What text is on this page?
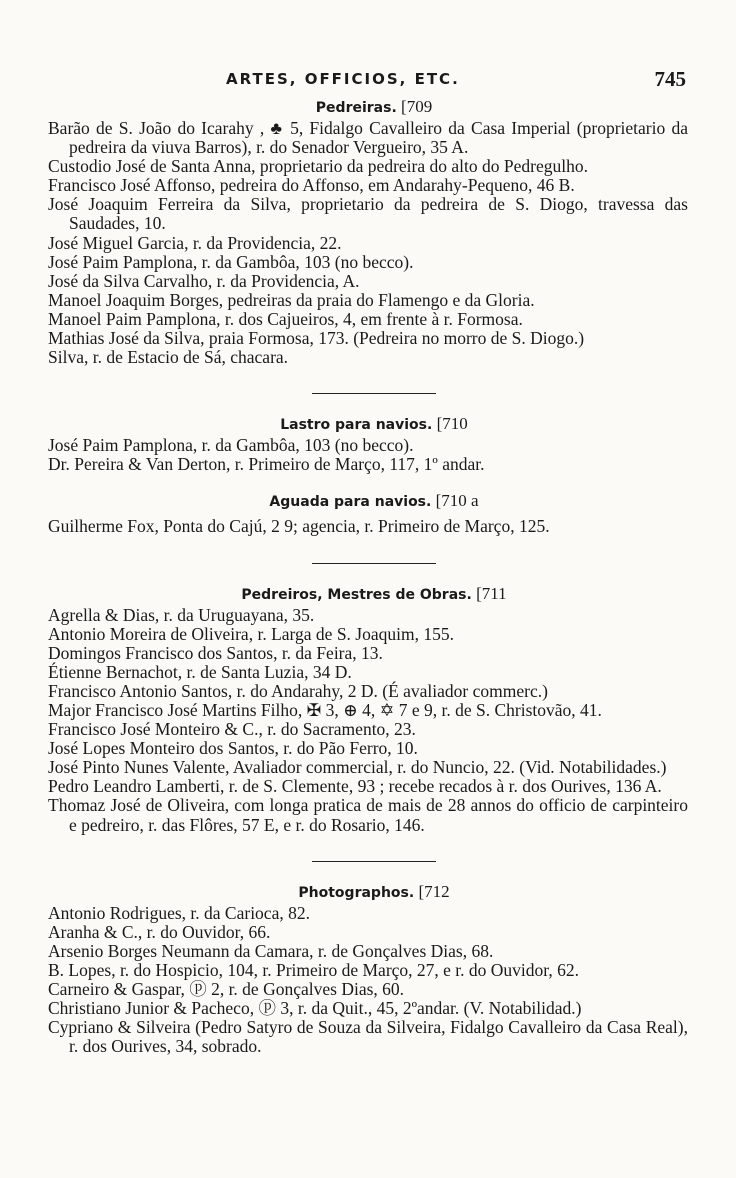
ARTES, OFFICIOS, ETC.	745
Pedreiras. [709
Barão de S. João do Icarahy , ♣ 5, Fidalgo Cavalleiro da Casa Imperial (proprietario da pedreira da viuva Barros), r. do Senador Vergueiro, 35 A.
Custodio José de Santa Anna, proprietario da pedreira do alto do Pedregulho.
Francisco José Affonso, pedreira do Affonso, em Andarahy-Pequeno, 46 B.
José Joaquim Ferreira da Silva, proprietario da pedreira de S. Diogo, travessa das Saudades, 10.
José Miguel Garcia, r. da Providencia, 22.
José Paim Pamplona, r. da Gambôa, 103 (no becco).
José da Silva Carvalho, r. da Providencia, A.
Manoel Joaquim Borges, pedreiras da praia do Flamengo e da Gloria.
Manoel Paim Pamplona, r. dos Cajueiros, 4, em frente à r. Formosa.
Mathias José da Silva, praia Formosa, 173. (Pedreira no morro de S. Diogo.)
Silva, r. de Estacio de Sá, chacara.
Lastro para navios. [710
José Paim Pamplona, r. da Gambôa, 103 (no becco).
Dr. Pereira & Van Derton, r. Primeiro de Março, 117, 1º andar.
Aguada para navios. [710 a
Guilherme Fox, Ponta do Cajú, 2 9; agencia, r. Primeiro de Março, 125.
Pedreiros, Mestres de Obras. [711
Agrella & Dias, r. da Uruguayana, 35.
Antonio Moreira de Oliveira, r. Larga de S. Joaquim, 155.
Domingos Francisco dos Santos, r. da Feira, 13.
Étienne Bernachot, r. de Santa Luzia, 34 D.
Francisco Antonio Santos, r. do Andarahy, 2 D. (É avaliador commerc.)
Major Francisco José Martins Filho, ✠ 3, ⊕ 4, ✡ 7 e 9, r. de S. Christovão, 41.
Francisco José Monteiro & C., r. do Sacramento, 23.
José Lopes Monteiro dos Santos, r. do Pão Ferro, 10.
José Pinto Nunes Valente, Avaliador commercial, r. do Nuncio, 22. (Vid. Notabilidades.)
Pedro Leandro Lamberti, r. de S. Clemente, 93 ; recebe recados à r. dos Ourives, 136 A.
Thomaz José de Oliveira, com longa pratica de mais de 28 annos do officio de carpinteiro e pedreiro, r. das Flôres, 57 E, e r. do Rosario, 146.
Photographos. [712
Antonio Rodrigues, r. da Carioca, 82.
Aranha & C., r. do Ouvidor, 66.
Arsenio Borges Neumann da Camara, r. de Gonçalves Dias, 68.
B. Lopes, r. do Hospicio, 104, r. Primeiro de Março, 27, e r. do Ouvidor, 62.
Carneiro & Gaspar, ⓟ 2, r. de Gonçalves Dias, 60.
Christiano Junior & Pacheco, ⓟ 3, r. da Quit., 45, 2ºandar. (V. Notabilidad.)
Cypriano & Silveira (Pedro Satyro de Souza da Silveira, Fidalgo Cavalleiro da Casa Real), r. dos Ourives, 34, sobrado.
